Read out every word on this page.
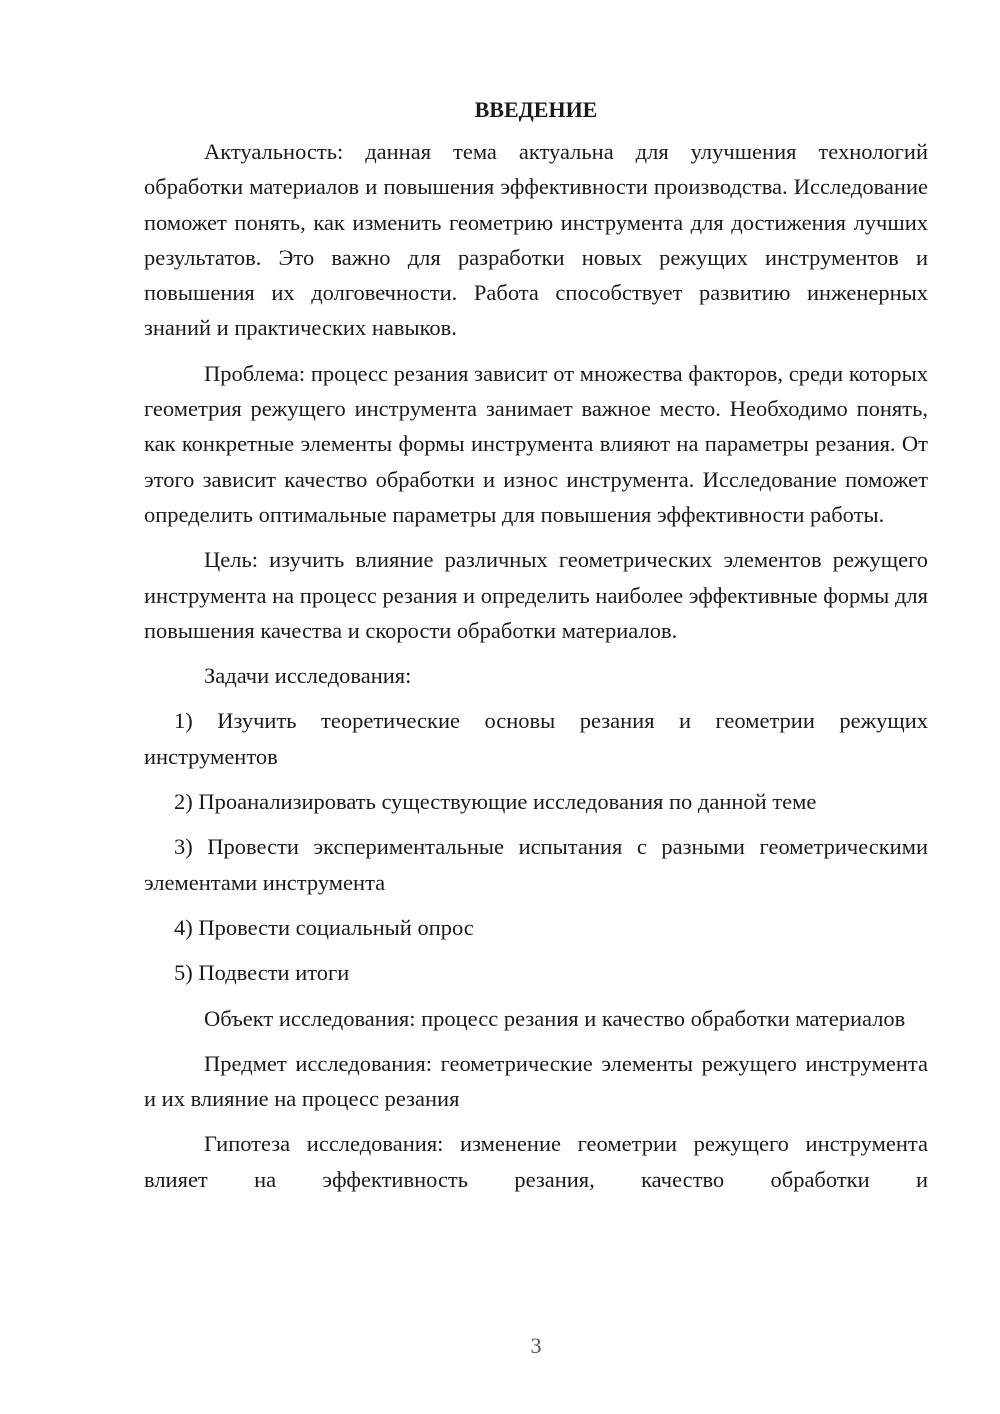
ВВЕДЕНИЕ

Актуальность: данная тема актуальна для улучшения технологий обработки материалов и повышения эффективности производства. Исследование поможет понять, как изменить геометрию инструмента для достижения лучших результатов. Это важно для разработки новых режущих инструментов и повышения их долговечности. Работа способствует развитию инженерных знаний и практических навыков.

Проблема: процесс резания зависит от множества факторов, среди которых геометрия режущего инструмента занимает важное место. Необходимо понять, как конкретные элементы формы инструмента влияют на параметры резания. От этого зависит качество обработки и износ инструмента. Исследование поможет определить оптимальные параметры для повышения эффективности работы.

Цель: изучить влияние различных геометрических элементов режущего инструмента на процесс резания и определить наиболее эффективные формы для повышения качества и скорости обработки материалов.

Задачи исследования:

1) Изучить теоретические основы резания и геометрии режущих инструментов

2) Проанализировать существующие исследования по данной теме

3) Провести экспериментальные испытания с разными геометрическими элементами инструмента

4) Провести социальный опрос

5) Подвести итоги

Объект исследования: процесс резания и качество обработки материалов

Предмет исследования: геометрические элементы режущего инструмента и их влияние на процесс резания

Гипотеза исследования: изменение геометрии режущего инструмента влияет на эффективность резания, качество обработки и

3
